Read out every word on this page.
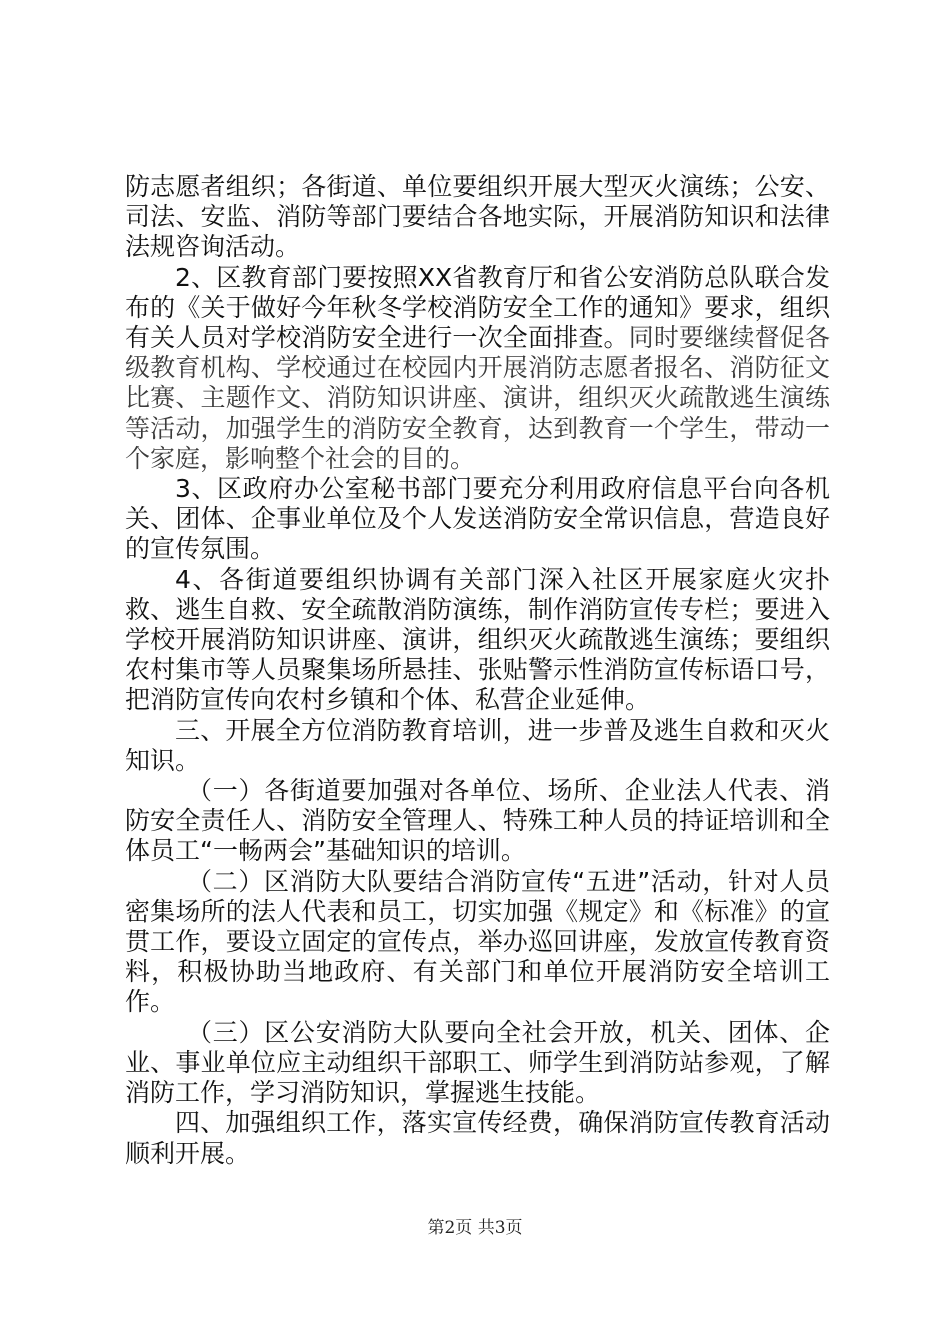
防志愿者组织；各街道、单位要组织开展大型灭火演练；公安、司法、安监、消防等部门要结合各地实际，开展消防知识和法律法规咨询活动。

2、区教育部门要按照XX省教育厅和省公安消防总队联合发布的《关于做好今年秋冬学校消防安全工作的通知》要求，组织有关人员对学校消防安全进行一次全面排查。同时要继续督促各级教育机构、学校通过在校园内开展消防志愿者报名、消防征文比赛、主题作文、消防知识讲座、演讲，组织灭火疏散逃生演练等活动，加强学生的消防安全教育，达到教育一个学生，带动一个家庭，影响整个社会的目的。

3、区政府办公室秘书部门要充分利用政府信息平台向各机关、团体、企事业单位及个人发送消防安全常识信息，营造良好的宣传氛围。

4、各街道要组织协调有关部门深入社区开展家庭火灾扑救、逃生自救、安全疏散消防演练，制作消防宣传专栏；要进入学校开展消防知识讲座、演讲，组织灭火疏散逃生演练；要组织农村集市等人员聚集场所悬挂、张贴警示性消防宣传标语口号，把消防宣传向农村乡镇和个体、私营企业延伸。

三、开展全方位消防教育培训，进一步普及逃生自救和灭火知识。

（一）各街道要加强对各单位、场所、企业法人代表、消防安全责任人、消防安全管理人、特殊工种人员的持证培训和全体员工“一畅两会”基础知识的培训。

（二）区消防大队要结合消防宣传“五进”活动，针对人员密集场所的法人代表和员工，切实加强《规定》和《标准》的宣贯工作，要设立固定的宣传点，举办巡回讲座，发放宣传教育资料，积极协助当地政府、有关部门和单位开展消防安全培训工作。

（三）区公安消防大队要向全社会开放，机关、团体、企业、事业单位应主动组织干部职工、师学生到消防站参观，了解消防工作，学习消防知识，掌握逃生技能。

四、加强组织工作，落实宣传经费，确保消防宣传教育活动顺利开展。

第2页 共3页
